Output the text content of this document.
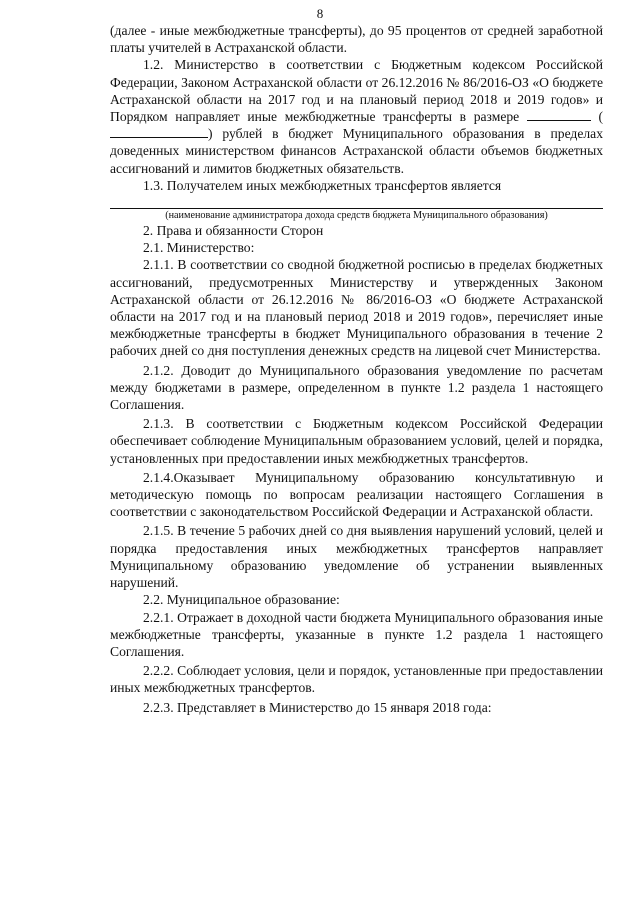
8

(далее - иные межбюджетные трансферты), до 95 процентов от средней заработной платы учителей в Астраханской области.

1.2. Министерство в соответствии с Бюджетным кодексом Российской Федерации, Законом Астраханской области от 26.12.2016 № 86/2016-ОЗ «О бюджете Астраханской области на 2017 год и на плановый период 2018 и 2019 годов» и Порядком направляет иные межбюджетные трансферты в размере	() рублей в бюджет Муниципального образования в пределах доведенных министерством финансов Астраханской области объемов бюджетных ассигнований и лимитов бюджетных обязательств.

1.3. Получателем иных межбюджетных трансфертов является

(наименование администратора дохода средств бюджета Муниципального образования)

2. Права и обязанности Сторон

2.1. Министерство:

2.1.1. В соответствии со сводной бюджетной росписью в пределах бюджетных ассигнований, предусмотренных Министерству и утвержденных Законом Астраханской области от 26.12.2016 № 86/2016-ОЗ «О бюджете Астраханской области на 2017 год и на плановый период 2018 и 2019 годов», перечисляет иные межбюджетные трансферты в бюджет Муниципального образования в течение 2 рабочих дней со дня поступления денежных средств на лицевой счет Министерства.

2.1.2. Доводит до Муниципального образования уведомление по расчетам между бюджетами в размере, определенном в пункте 1.2 раздела 1 настоящего Соглашения.

2.1.3. В соответствии с Бюджетным кодексом Российской Федерации обеспечивает соблюдение Муниципальным образованием условий, целей и порядка, установленных при предоставлении иных межбюджетных трансфертов.

2.1.4.Оказывает Муниципальному образованию консультативную и методическую помощь по вопросам реализации настоящего Соглашения в соответствии с законодательством Российской Федерации и Астраханской области.

2.1.5. В течение 5 рабочих дней со дня выявления нарушений условий, целей и порядка предоставления иных межбюджетных трансфертов направляет Муниципальному образованию уведомление об устранении выявленных нарушений.

2.2. Муниципальное образование:

2.2.1. Отражает в доходной части бюджета Муниципального образования иные межбюджетные трансферты, указанные в пункте 1.2 раздела 1 настоящего Соглашения.

2.2.2. Соблюдает условия, цели и порядок, установленные при предоставлении иных межбюджетных трансфертов.

2.2.3. Представляет в Министерство до 15 января 2018 года:
